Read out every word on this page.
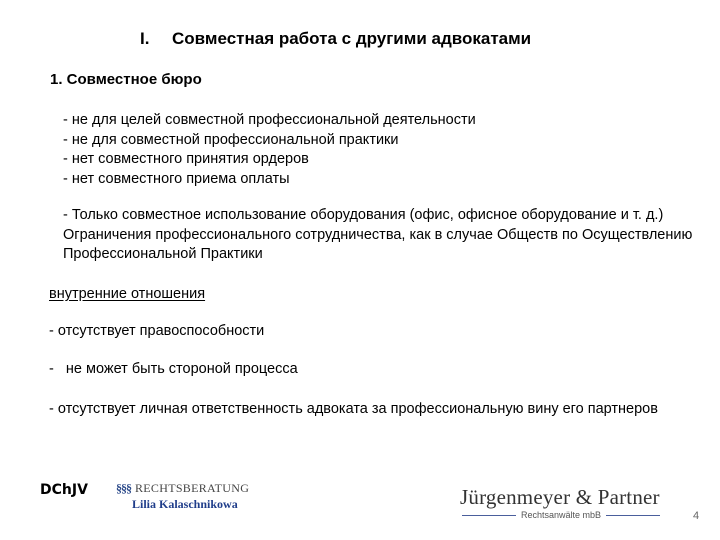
I. Совместная работа с другими адвокатами
1. Совместное бюро
- не для целей совместной профессиональной деятельности
- не для совместной профессиональной практики
- нет совместного принятия ордеров
- нет совместного приема оплаты
- Только совместное использование оборудования (офис, офисное оборудование и т. д.) Ограничения профессионального сотрудничества, как в случае Обществ по Осуществлению Профессиональной Практики
внутренние отношения
- отсутствует правоспособности
-   не может быть стороной процесса
- отсутствует личная ответственность адвоката за профессиональную вину его партнеров
DChJV §§§ RECHTSBERATUNG
Lilia Kalaschnikowa	Jürgenmeyer & Partner
Rechtsanwälte mbB	4
